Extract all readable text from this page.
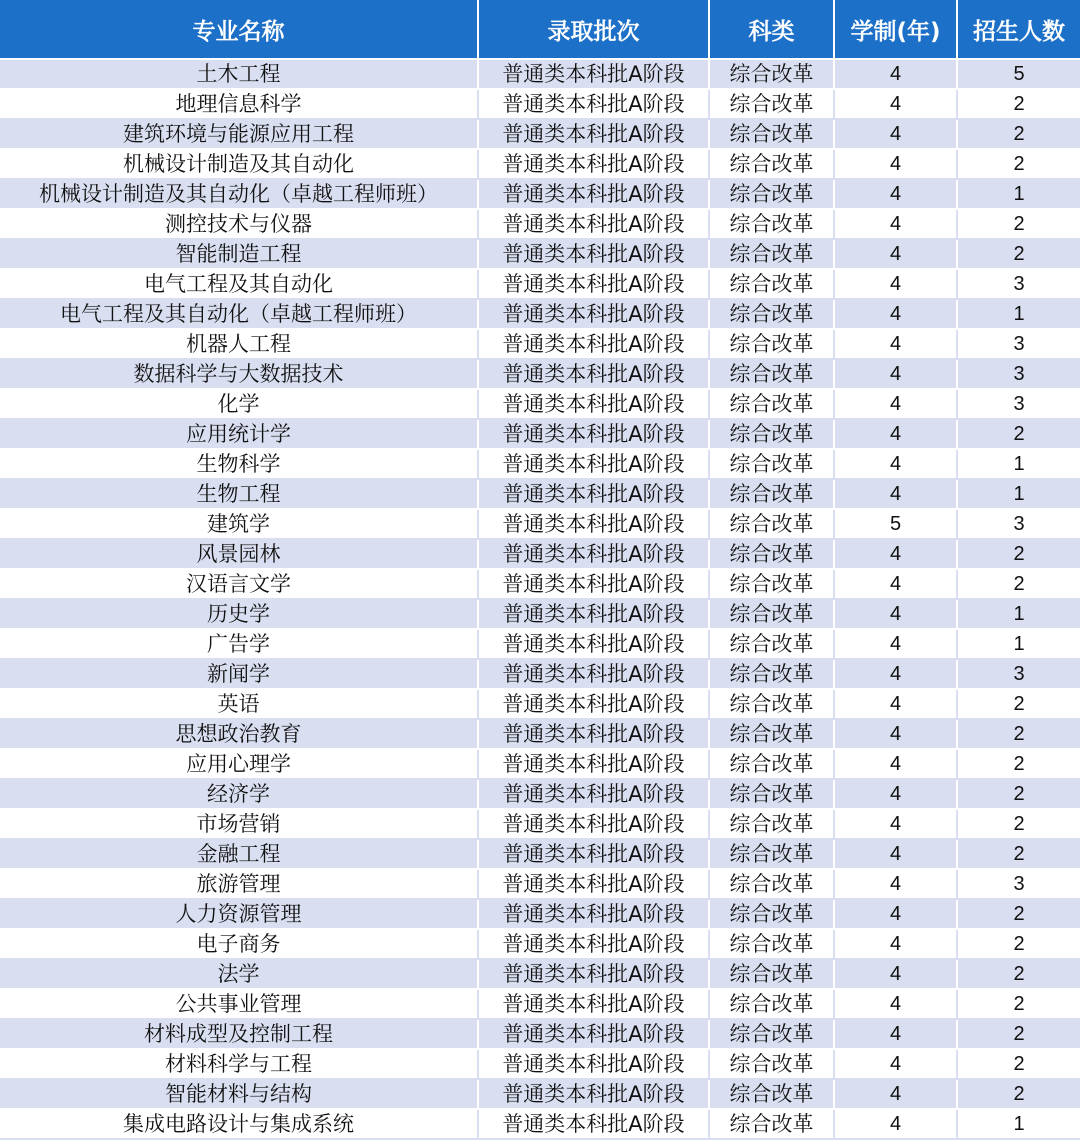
专业名称	录取批次	科类	学制(年)	招生人数
土木工程	普通类本科批A阶段	综合改革	4	5
地理信息科学	普通类本科批A阶段	综合改革	4	2
建筑环境与能源应用工程	普通类本科批A阶段	综合改革	4	2
机械设计制造及其自动化	普通类本科批A阶段	综合改革	4	2
机械设计制造及其自动化（卓越工程师班）	普通类本科批A阶段	综合改革	4	1
测控技术与仪器	普通类本科批A阶段	综合改革	4	2
智能制造工程	普通类本科批A阶段	综合改革	4	2
电气工程及其自动化	普通类本科批A阶段	综合改革	4	3
电气工程及其自动化（卓越工程师班）	普通类本科批A阶段	综合改革	4	1
机器人工程	普通类本科批A阶段	综合改革	4	3
数据科学与大数据技术	普通类本科批A阶段	综合改革	4	3
化学	普通类本科批A阶段	综合改革	4	3
应用统计学	普通类本科批A阶段	综合改革	4	2
生物科学	普通类本科批A阶段	综合改革	4	1
生物工程	普通类本科批A阶段	综合改革	4	1
建筑学	普通类本科批A阶段	综合改革	5	3
风景园林	普通类本科批A阶段	综合改革	4	2
汉语言文学	普通类本科批A阶段	综合改革	4	2
历史学	普通类本科批A阶段	综合改革	4	1
广告学	普通类本科批A阶段	综合改革	4	1
新闻学	普通类本科批A阶段	综合改革	4	3
英语	普通类本科批A阶段	综合改革	4	2
思想政治教育	普通类本科批A阶段	综合改革	4	2
应用心理学	普通类本科批A阶段	综合改革	4	2
经济学	普通类本科批A阶段	综合改革	4	2
市场营销	普通类本科批A阶段	综合改革	4	2
金融工程	普通类本科批A阶段	综合改革	4	2
旅游管理	普通类本科批A阶段	综合改革	4	3
人力资源管理	普通类本科批A阶段	综合改革	4	2
电子商务	普通类本科批A阶段	综合改革	4	2
法学	普通类本科批A阶段	综合改革	4	2
公共事业管理	普通类本科批A阶段	综合改革	4	2
材料成型及控制工程	普通类本科批A阶段	综合改革	4	2
材料科学与工程	普通类本科批A阶段	综合改革	4	2
智能材料与结构	普通类本科批A阶段	综合改革	4	2
集成电路设计与集成系统	普通类本科批A阶段	综合改革	4	1
